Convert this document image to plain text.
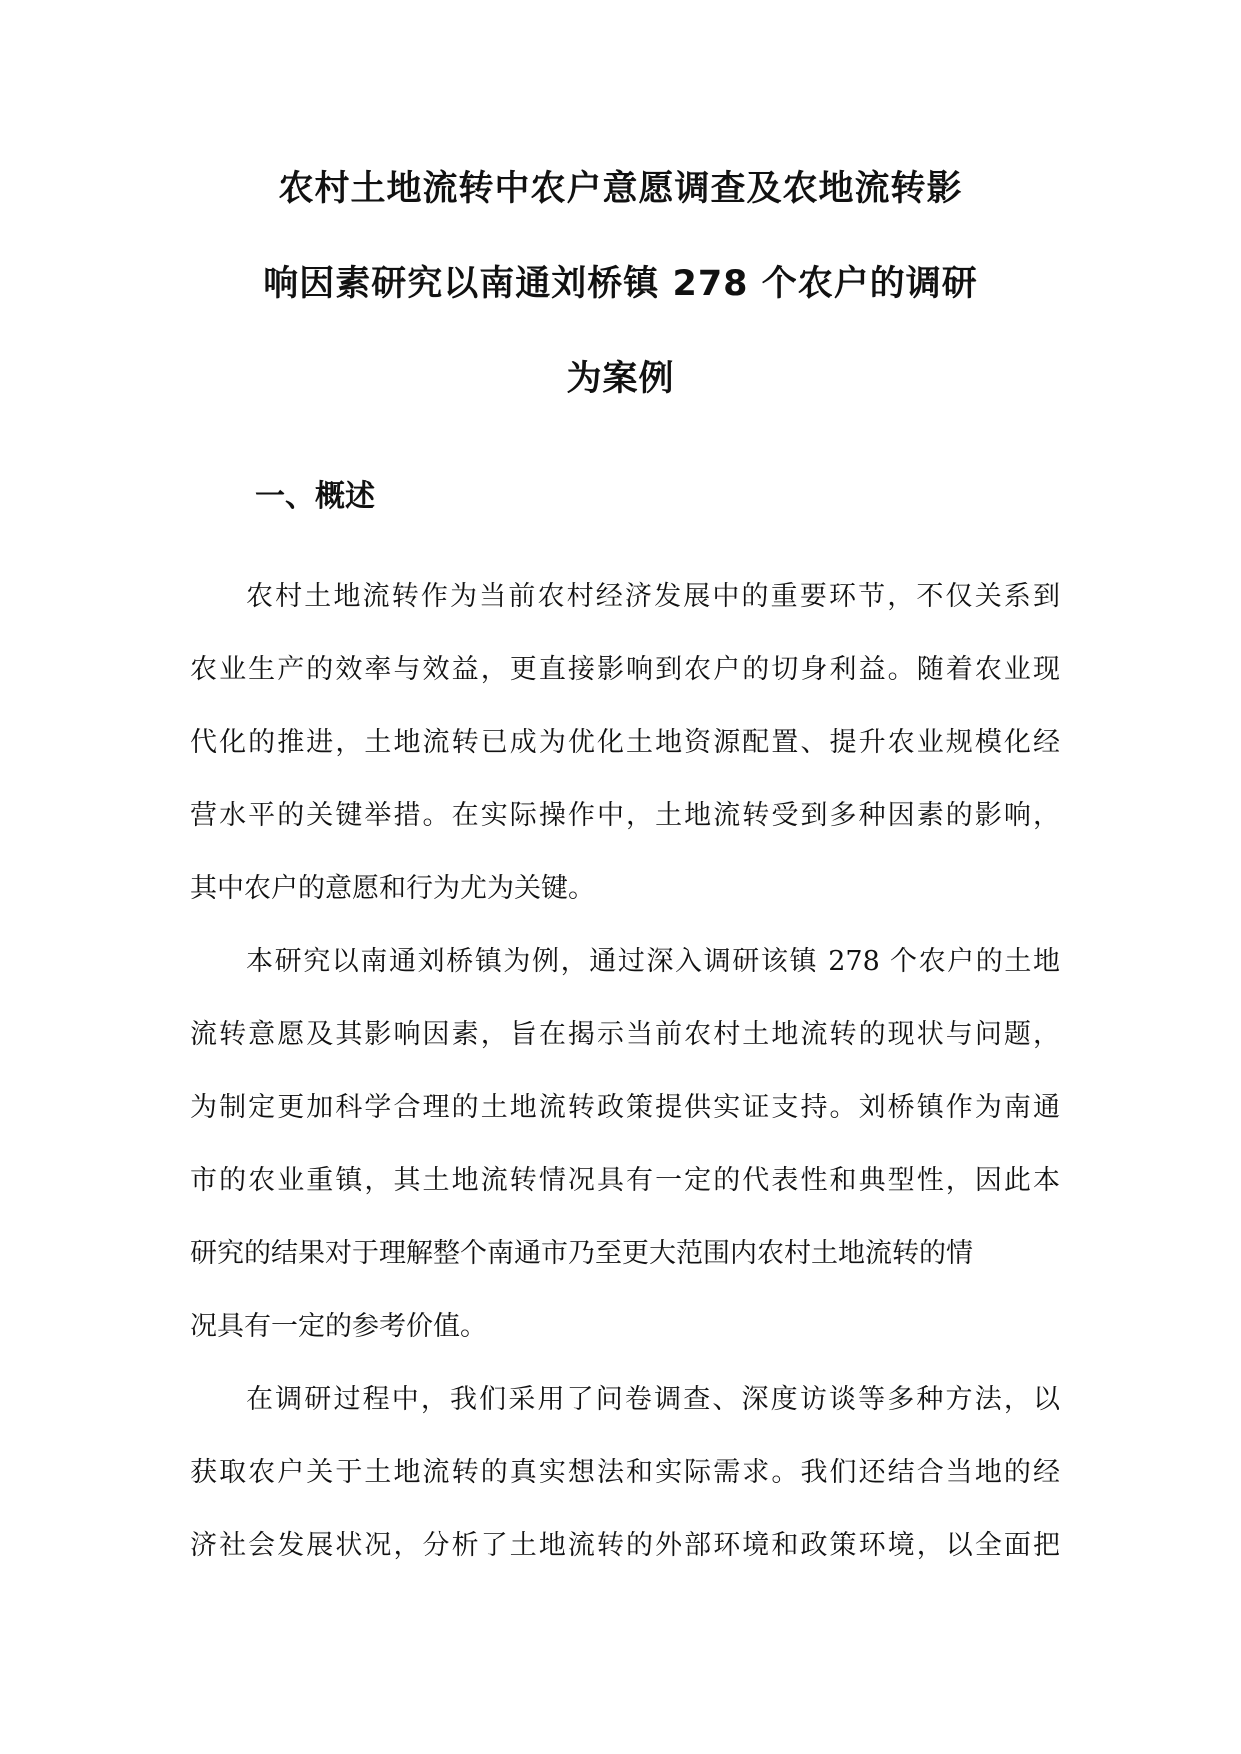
农村土地流转中农户意愿调查及农地流转影
响因素研究以南通刘桥镇 278 个农户的调研
为案例
一、概述
农村土地流转作为当前农村经济发展中的重要环节，不仅关系到
农业生产的效率与效益，更直接影响到农户的切身利益。随着农业现
代化的推进，土地流转已成为优化土地资源配置、提升农业规模化经
营水平的关键举措。在实际操作中，土地流转受到多种因素的影响，
其中农户的意愿和行为尤为关键。
本研究以南通刘桥镇为例，通过深入调研该镇 278 个农户的土地
流转意愿及其影响因素，旨在揭示当前农村土地流转的现状与问题，
为制定更加科学合理的土地流转政策提供实证支持。刘桥镇作为南通
市的农业重镇，其土地流转情况具有一定的代表性和典型性，因此本
研究的结果对于理解整个南通市乃至更大范围内农村土地流转的情
况具有一定的参考价值。
在调研过程中，我们采用了问卷调查、深度访谈等多种方法，以
获取农户关于土地流转的真实想法和实际需求。我们还结合当地的经
济社会发展状况，分析了土地流转的外部环境和政策环境，以全面把
